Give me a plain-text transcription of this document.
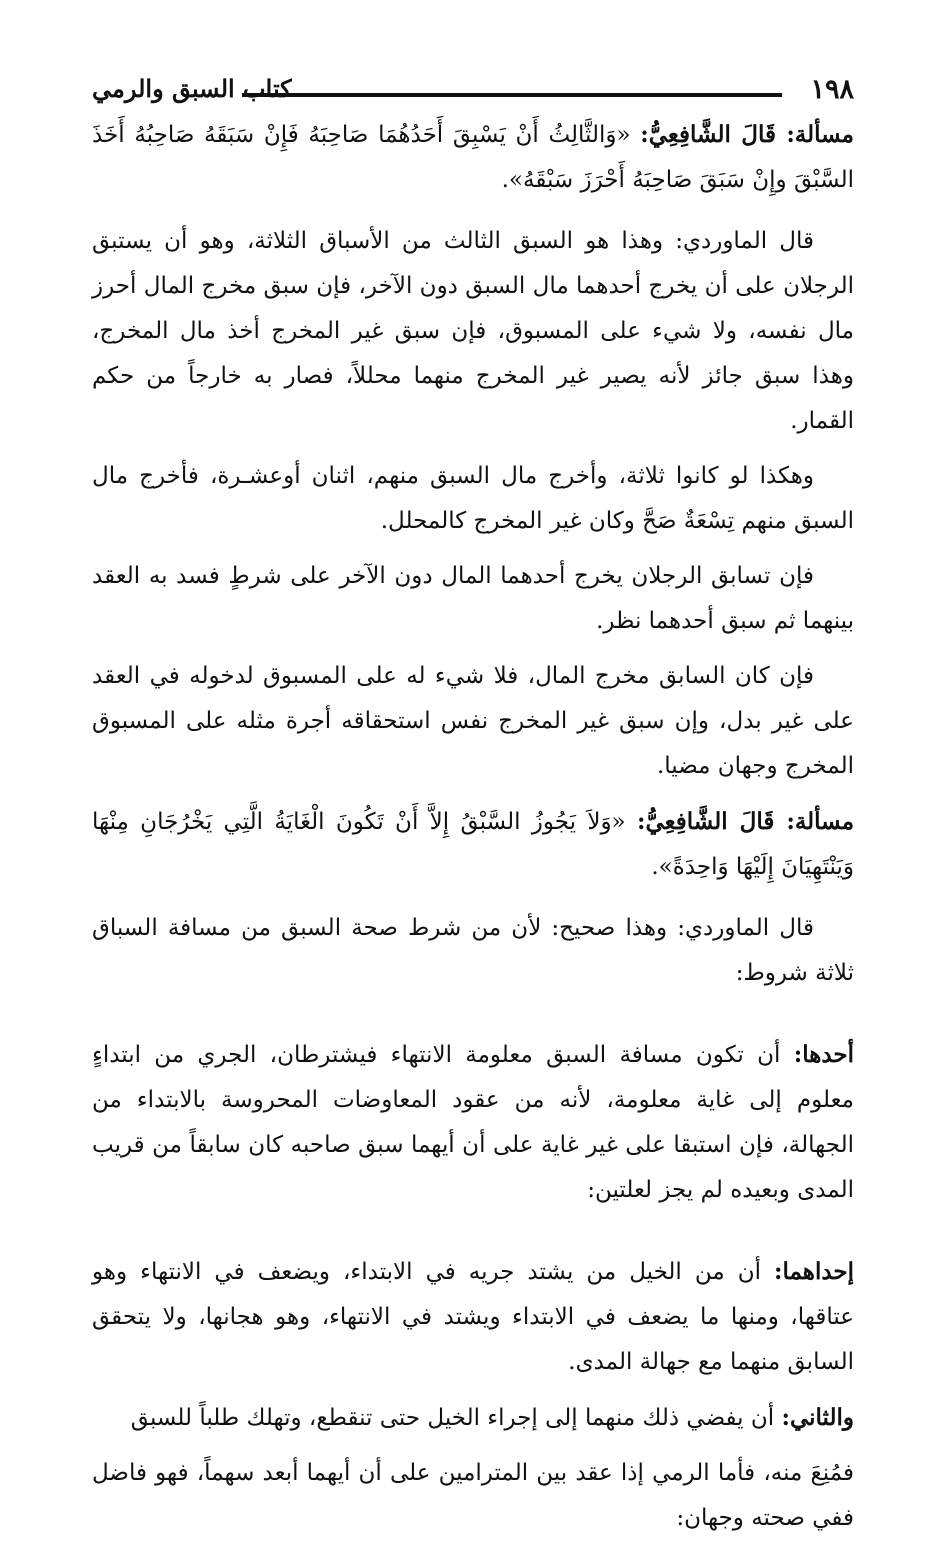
١٩٨
كتاب السبق والرمي

مسألة: قَالَ الشَّافِعِيُّ: «وَالثَّالِثُ أَنْ يَسْبِقَ أَحَدُهُمَا صَاحِبَهُ فَإِنْ سَبَقَهُ صَاحِبُهُ أَخَذَ السَّبْقَ وإِنْ سَبَقَ صَاحِبَهُ أَحْرَزَ سَبْقَهُ».

قال الماوردي: وهذا هو السبق الثالث من الأسباق الثلاثة، وهو أن يستبق الرجلان على أن يخرج أحدهما مال السبق دون الآخر، فإن سبق مخرج المال أحرز مال نفسه، ولا شيء على المسبوق، فإن سبق غير المخرج أخذ مال المخرج، وهذا سبق جائز لأنه يصير غير المخرج منهما محللاً، فصار به خارجاً من حكم القمار.

وهكذا لو كانوا ثلاثة، وأخرج مال السبق منهم، اثنان أوعشـرة، فأخرج مال السبق منهم تِسْعَةٌ صَحَّ وكان غير المخرج كالمحلل.

فإن تسابق الرجلان يخرج أحدهما المال دون الآخر على شرطٍ فسد به العقد بينهما ثم سبق أحدهما نظر.

فإن كان السابق مخرج المال، فلا شيء له على المسبوق لدخوله في العقد على غير بدل، وإن سبق غير المخرج نفس استحقاقه أجرة مثله على المسبوق المخرج وجهان مضيا.

مسألة: قَالَ الشَّافِعِيُّ: «وَلاَ يَجُوزُ السَّبْقُ إِلاَّ أَنْ تَكُونَ الْغَايَةُ الَّتِي يَخْرُجَانِ مِنْهَا وَيَنْتَهِيَانَ إِلَيْهَا وَاحِدَةً».

قال الماوردي: وهذا صحيح: لأن من شرط صحة السبق من مسافة السباق ثلاثة شروط:

أحدها: أن تكون مسافة السبق معلومة الانتهاء فيشترطان، الجري من ابتداءٍ معلوم إلى غاية معلومة، لأنه من عقود المعاوضات المحروسة بالابتداء من الجهالة، فإن استبقا على غير غاية على أن أيهما سبق صاحبه كان سابقاً من قريب المدى وبعيده لم يجز لعلتين:

إحداهما: أن من الخيل من يشتد جريه في الابتداء، ويضعف في الانتهاء وهو عتاقها، ومنها ما يضعف في الابتداء ويشتد في الانتهاء، وهو هجانها، ولا يتحقق السابق منهما مع جهالة المدى.

والثاني: أن يفضي ذلك منهما إلى إجراء الخيل حتى تنقطع، وتهلك طلباً للسبق

فمُنِعَ منه، فأما الرمي إذا عقد بين المترامين على أن أيهما أبعد سهماً، فهو فاضل ففي صحته وجهان:
